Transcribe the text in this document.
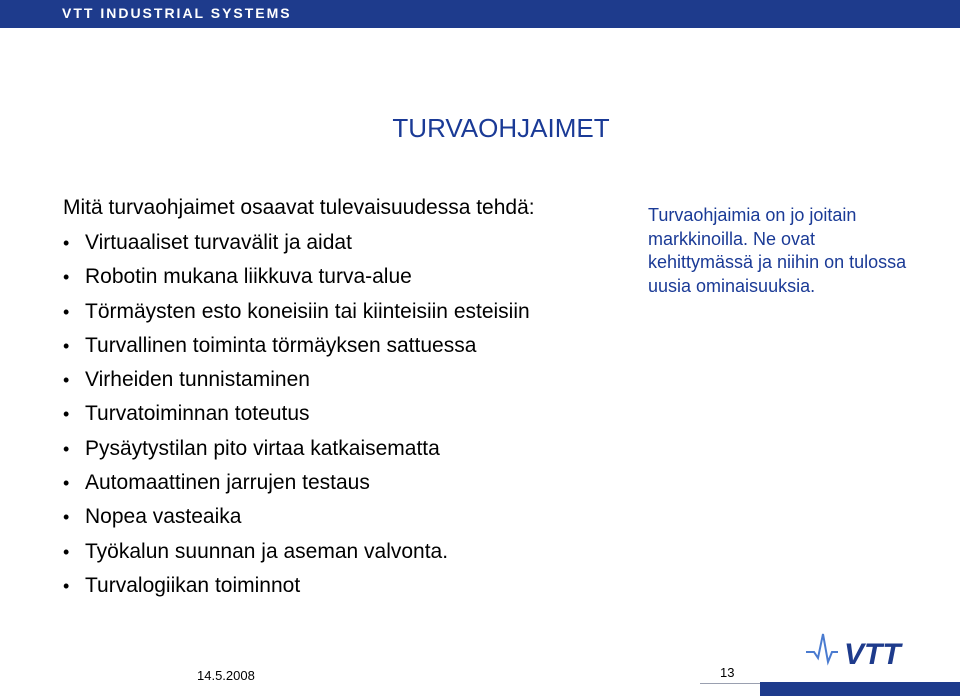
VTT INDUSTRIAL SYSTEMS
TURVAOHJAIMET
Mitä turvaohjaimet osaavat tulevaisuudessa tehdä:
• Virtuaaliset turvavälit ja aidat
• Robotin mukana liikkuva turva-alue
• Törmäysten esto koneisiin tai kiinteisiin esteisiin
• Turvallinen toiminta törmäyksen sattuessa
• Virheiden tunnistaminen
• Turvatoiminnan toteutus
• Pysäytystilan pito virtaa katkaisematta
• Automaattinen jarrujen testaus
• Nopea vasteaika
• Työkalun suunnan ja aseman valvonta.
• Turvalogiikan toiminnot
Turvaohjaimia on jo joitain markkinoilla. Ne ovat kehittymässä ja niihin on tulossa uusia ominaisuuksia.
VTT
14.5.2008	13
